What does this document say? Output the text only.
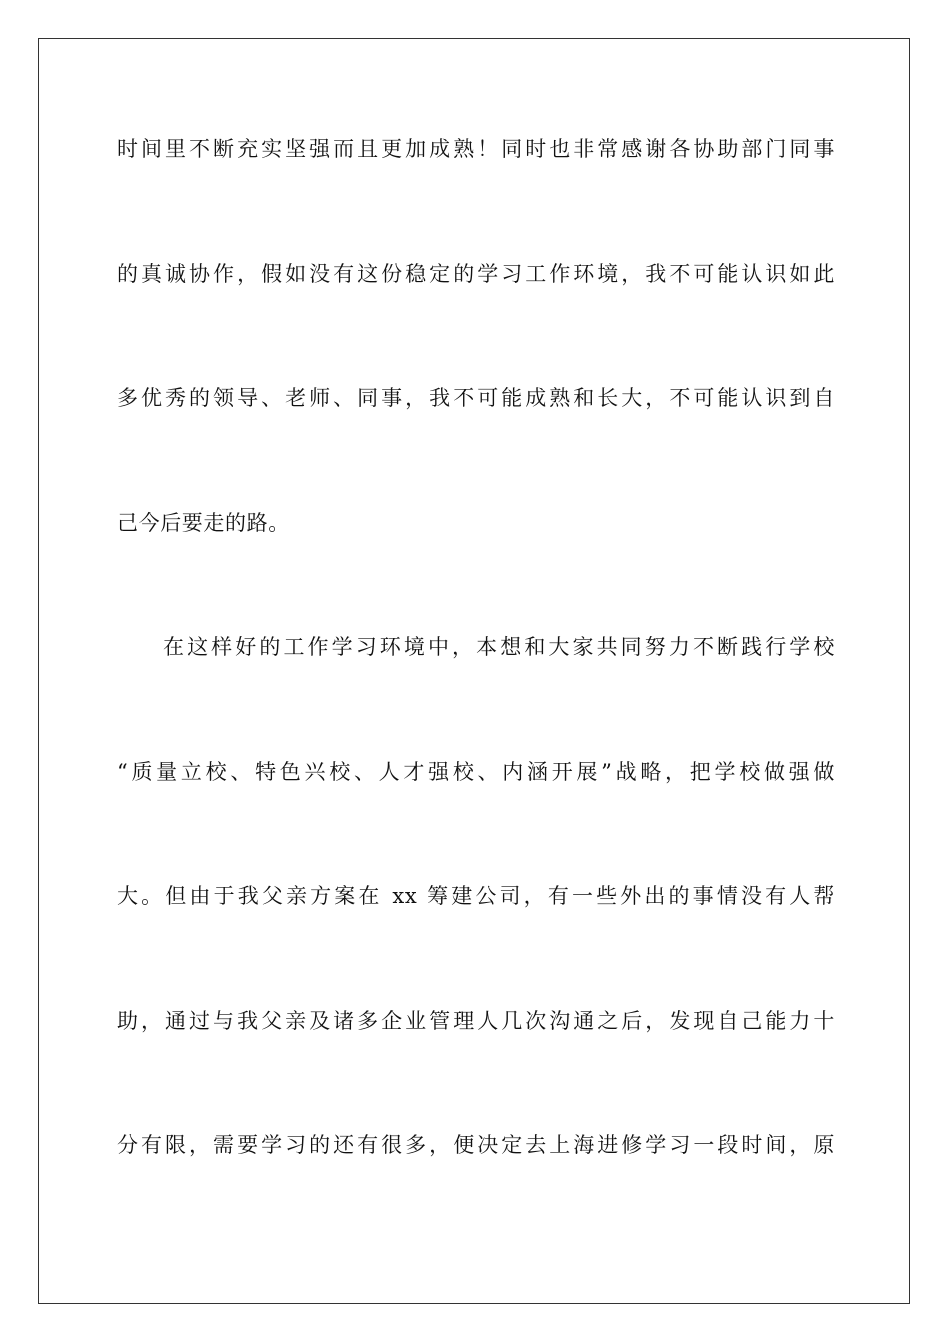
时间里不断充实坚强而且更加成熟！同时也非常感谢各协助部门同事
的真诚协作，假如没有这份稳定的学习工作环境，我不可能认识如此
多优秀的领导、老师、同事，我不可能成熟和长大，不可能认识到自
己今后要走的路。
在这样好的工作学习环境中，本想和大家共同努力不断践行学校
“质量立校、特色兴校、人才强校、内涵开展”战略，把学校做强做
大。但由于我父亲方案在 xx 筹建公司，有一些外出的事情没有人帮
助，通过与我父亲及诸多企业管理人几次沟通之后，发现自己能力十
分有限，需要学习的还有很多，便决定去上海进修学习一段时间，原
